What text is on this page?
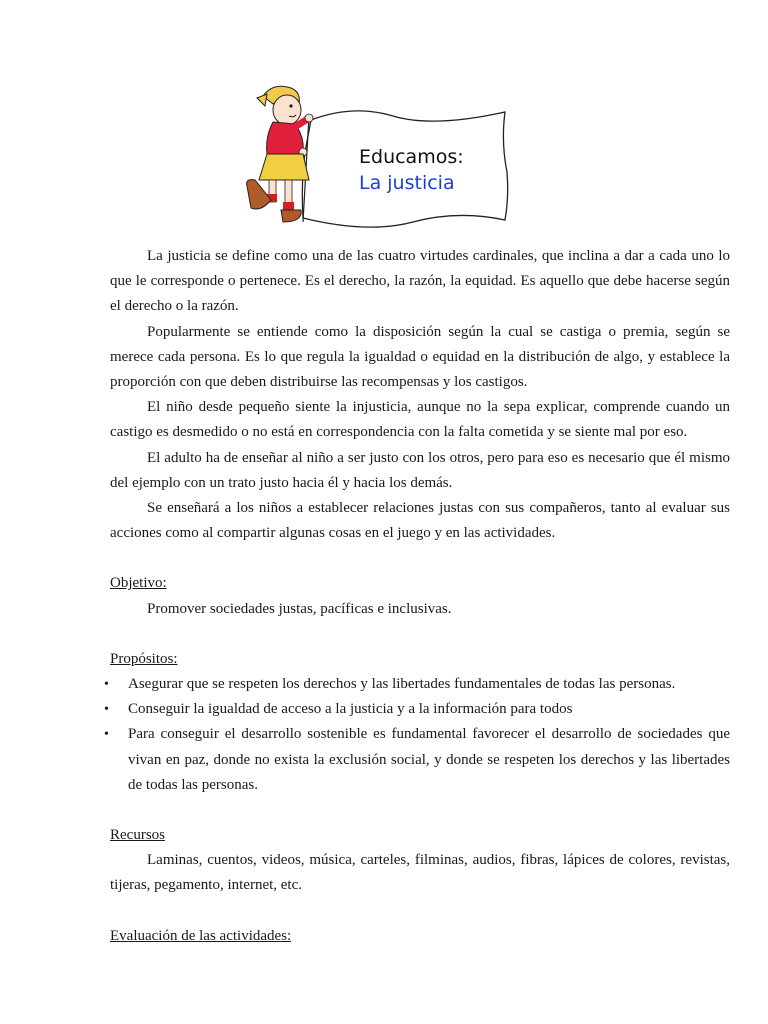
Educamos:
La justicia

La justicia se define como una de las cuatro virtudes cardinales, que inclina a dar a cada uno lo que le corresponde o pertenece. Es el derecho, la razón, la equidad. Es aquello que debe hacerse según el derecho o la razón.

Popularmente se entiende como la disposición según la cual se castiga o premia, según se merece cada persona. Es lo que regula la igualdad o equidad en la distribución de algo, y establece la proporción con que deben distribuirse las recompensas y los castigos.

El niño desde pequeño siente la injusticia, aunque no la sepa explicar, comprende cuando un castigo es desmedido o no está en correspondencia con la falta cometida y se siente mal por eso.

El adulto ha de enseñar al niño a ser justo con los otros, pero para eso es necesario que él mismo del ejemplo con un trato justo hacia él y hacia los demás.

Se enseñará a los niños a establecer relaciones justas con sus compañeros, tanto al evaluar sus acciones como al compartir algunas cosas en el juego y en las actividades.

Objetivo:

Promover sociedades justas, pacíficas e inclusivas.

Propósitos:

• Asegurar que se respeten los derechos y las libertades fundamentales de todas las personas.
• Conseguir la igualdad de acceso a la justicia y a la información para todos
• Para conseguir el desarrollo sostenible es fundamental favorecer el desarrollo de sociedades que vivan en paz, donde no exista la exclusión social, y donde se respeten los derechos y las libertades de todas las personas.

Recursos

Laminas, cuentos, videos, música, carteles, filminas, audios, fibras, lápices de colores, revistas, tijeras, pegamento, internet, etc.

Evaluación de las actividades:
